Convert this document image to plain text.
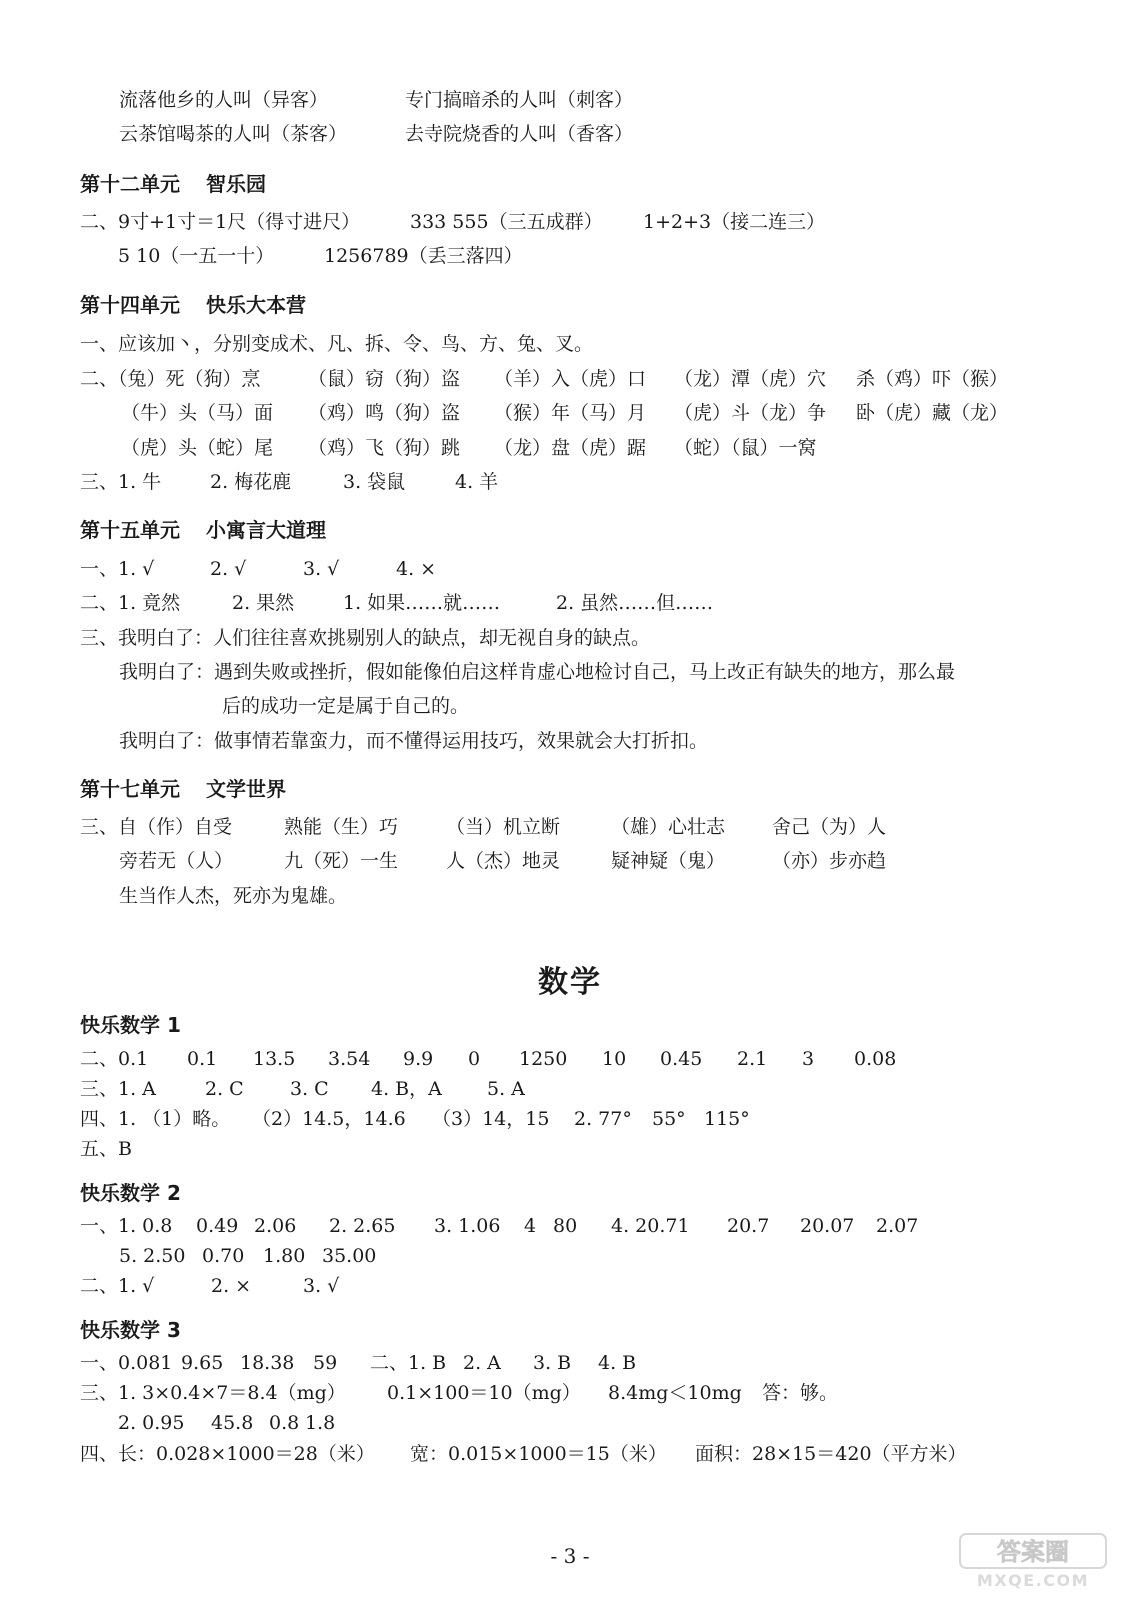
流落他乡的人叫（异客）	专门搞暗杀的人叫（刺客）
云茶馆喝茶的人叫（茶客）	去寺院烧香的人叫（香客）
第十二单元 智乐园
二、9寸+1寸＝1尺（得寸进尺）	333 555（三五成群） 1+2+3（接二连三）
5 10（一五一十）	1256789（丢三落四）
第十四单元 快乐大本营
一、应该加丶，分别变成术、凡、拆、令、鸟、方、兔、叉。
二、（兔）死（狗）烹 （鼠）窃（狗）盗 （羊）入（虎）口 （龙）潭（虎）穴 杀（鸡）吓（猴）
（牛）头（马）面 （鸡）鸣（狗）盗 （猴）年（马）月 （虎）斗（龙）争 卧（虎）藏（龙）
（虎）头（蛇）尾 （鸡）飞（狗）跳 （龙）盘（虎）踞 （蛇）（鼠）一窝
三、1. 牛	2. 梅花鹿	3. 袋鼠	4. 羊
第十五单元 小寓言大道理
一、1. √	2. √	3. √	4. ×
二、1. 竟然	2. 果然	1. 如果……就……	2. 虽然……但……
三、我明白了：人们往往喜欢挑剔别人的缺点，却无视自身的缺点。
我明白了：遇到失败或挫折，假如能像伯启这样肯虚心地检讨自己，马上改正有缺失的地方，那么最
后的成功一定是属于自己的。
我明白了：做事情若靠蛮力，而不懂得运用技巧，效果就会大打折扣。
第十七单元 文学世界
三、自（作）自受	熟能（生）巧	（当）机立断	（雄）心壮志 舍己（为）人
旁若无（人）	九（死）一生	人（杰）地灵	疑神疑（鬼） （亦）步亦趋
生当作人杰，死亦为鬼雄。
数学
快乐数学 1
二、0.1 0.1 13.5 3.54 9.9 0 1250 10 0.45 2.1 3 0.08
三、1. A	2. C 3. C 4. B，A 5. A
四、1. （1）略。 （2）14.5，14.6 （3）14，15 2. 77° 55° 115°
五、B
快乐数学 2
一、1. 0.8 0.49 2.06 2. 2.65 3. 1.06 4 80 4. 20.71 20.7 20.07 2.07
5. 2.50 0.70 1.80 35.00
二、1. √	2. ×	3. √
快乐数学 3
一、0.081 9.65 18.38 59 二、1. B 2. A 3. B 4. B
三、1. 3×0.4×7＝8.4（mg） 0.1×100＝10（mg） 8.4mg＜10mg 答：够。
2. 0.95 45.8 0.8 1.8
四、长：0.028×1000＝28（米） 宽：0.015×1000＝15（米） 面积：28×15＝420（平方米）
- 3 -	答案圈
MXQE.COM
